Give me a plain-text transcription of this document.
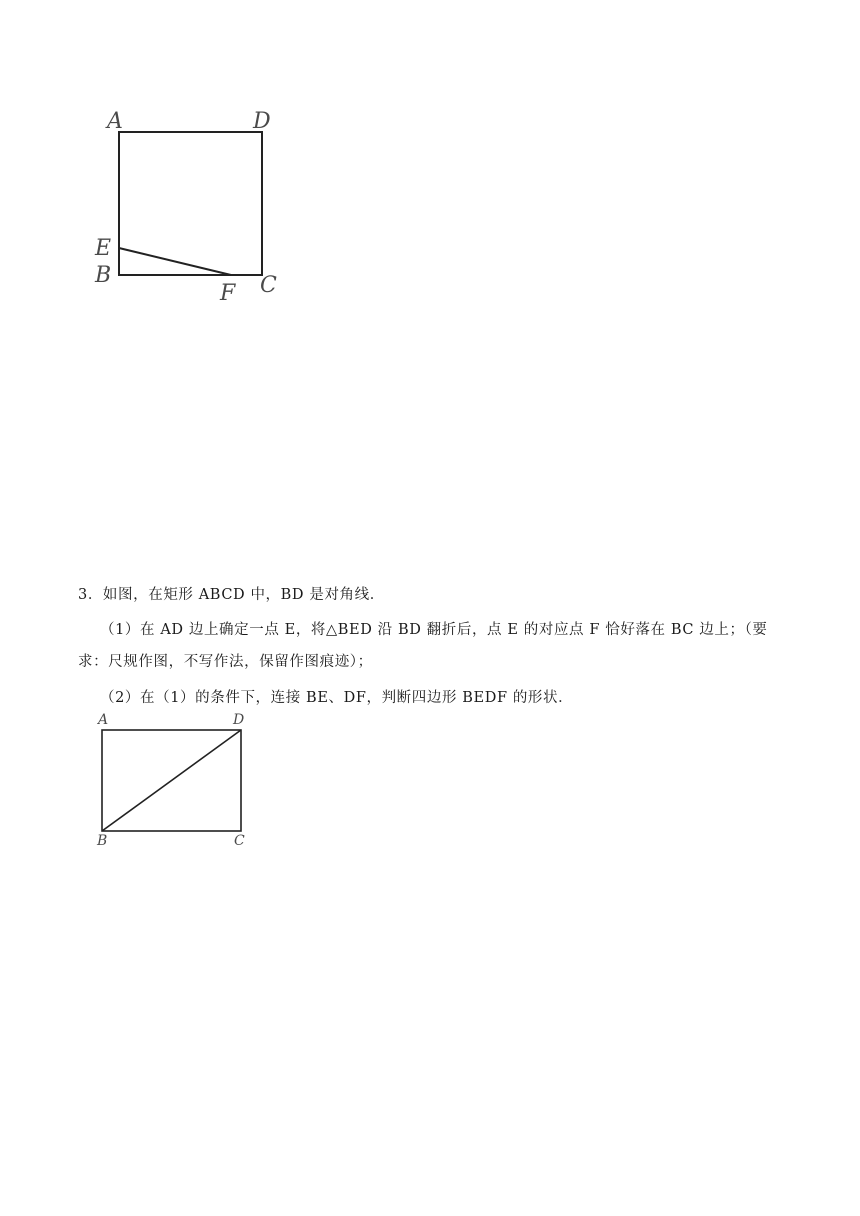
A	D
E
B
F C
3．如图，在矩形 ABCD 中，BD 是对角线．
（1）在 AD 边上确定一点 E，将△BED 沿 BD 翻折后，点 E 的对应点 F 恰好落在 BC 边上；（要
求：尺规作图，不写作法，保留作图痕迹）；
（2）在（1）的条件下，连接 BE、DF，判断四边形 BEDF 的形状．
A	D
B	C
